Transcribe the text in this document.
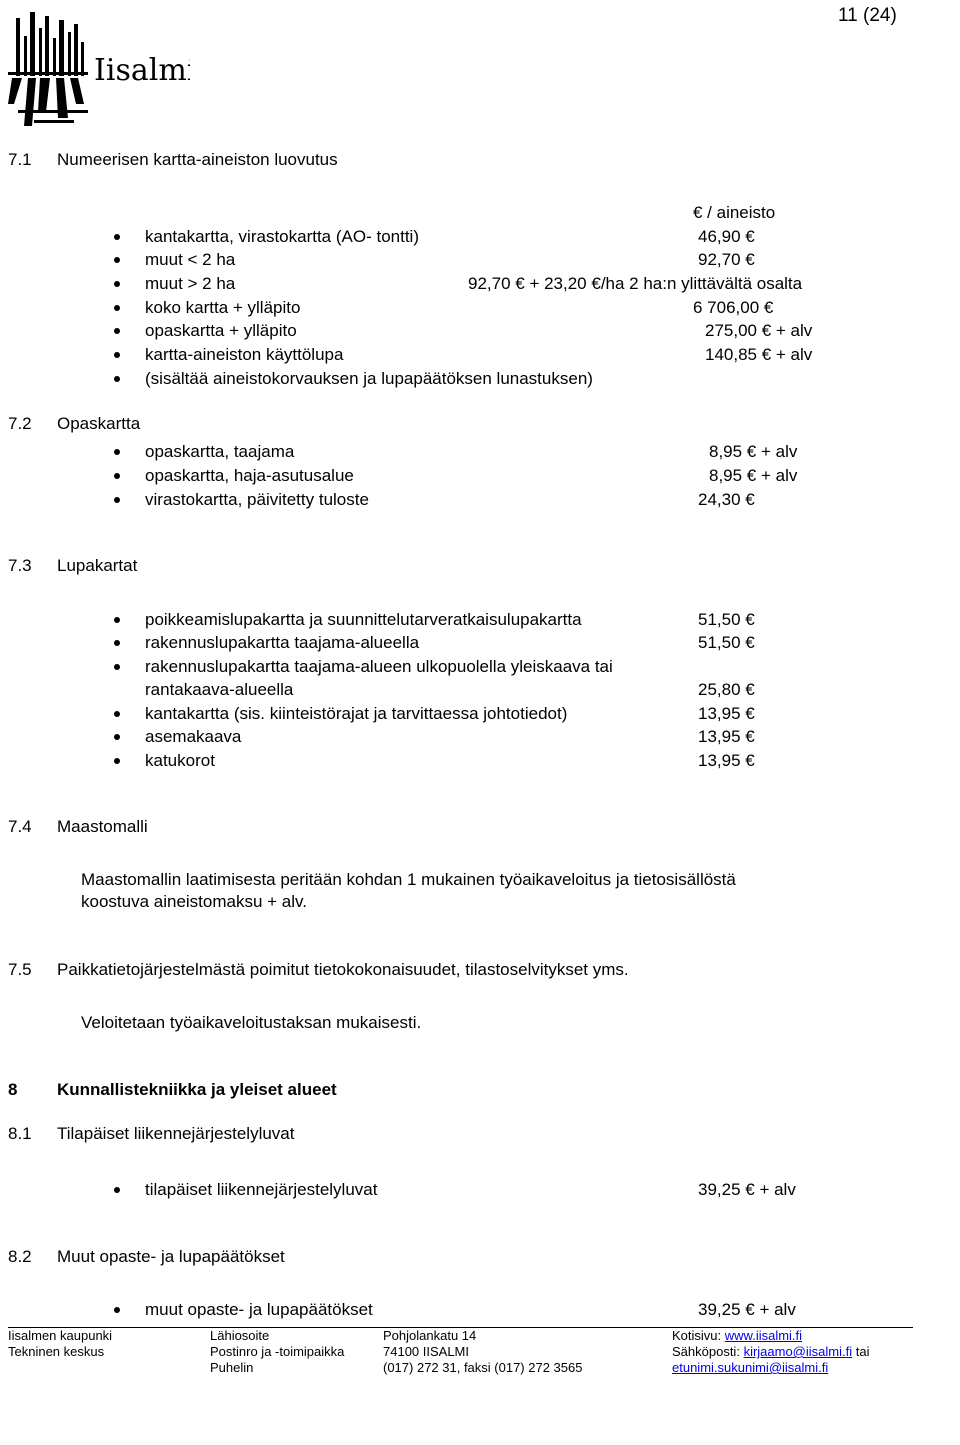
11 (24)
Iisalmi
7.1 Numeerisen kartta-aineiston luovutus
€ / aineisto
kantakartta, virastokartta (AO- tontti)	46,90 €
muut < 2 ha	92,70 €
muut > 2 ha	92,70 € + 23,20 €/ha 2 ha:n ylittävältä osalta
koko kartta + ylläpito	6 706,00 €
opaskartta + ylläpito	275,00 € + alv
kartta-aineiston käyttölupa	140,85 € + alv
(sisältää aineistokorvauksen ja lupapäätöksen lunastuksen)
7.2 Opaskartta
opaskartta, taajama	8,95 € + alv
opaskartta, haja-asutusalue	8,95 € + alv
virastokartta, päivitetty tuloste	24,30 €
7.3 Lupakartat
poikkeamislupakartta ja suunnittelutarveratkaisulupakartta	51,50 €
rakennuslupakartta taajama-alueella	51,50 €
rakennuslupakartta taajama-alueen ulkopuolella yleiskaava tai
rantakaava-alueella	25,80 €
kantakartta (sis. kiinteistörajat ja tarvittaessa johtotiedot)	13,95 €
asemakaava	13,95 €
katukorot	13,95 €
7.4 Maastomalli
Maastomallin laatimisesta peritään kohdan 1 mukainen työaikaveloitus ja tietosisällöstä
koostuva aineistomaksu + alv.
7.5 Paikkatietojärjestelmästä poimitut tietokokonaisuudet, tilastoselvitykset yms.
Veloitetaan työaikaveloitustaksan mukaisesti.
8 Kunnallistekniikka ja yleiset alueet
8.1 Tilapäiset liikennejärjestelyluvat
tilapäiset liikennejärjestelyluvat	39,25 € + alv
8.2 Muut opaste- ja lupapäätökset
muut opaste- ja lupapäätökset	39,25 € + alv
Iisalmen kaupunki
Tekninen keskus
Lähiosoite
Postinro ja -toimipaikka
Puhelin
Pohjolankatu 14
74100 IISALMI
(017) 272 31, faksi (017) 272 3565
Kotisivu: www.iisalmi.fi
Sähköposti: kirjaamo@iisalmi.fi tai
etunimi.sukunimi@iisalmi.fi
